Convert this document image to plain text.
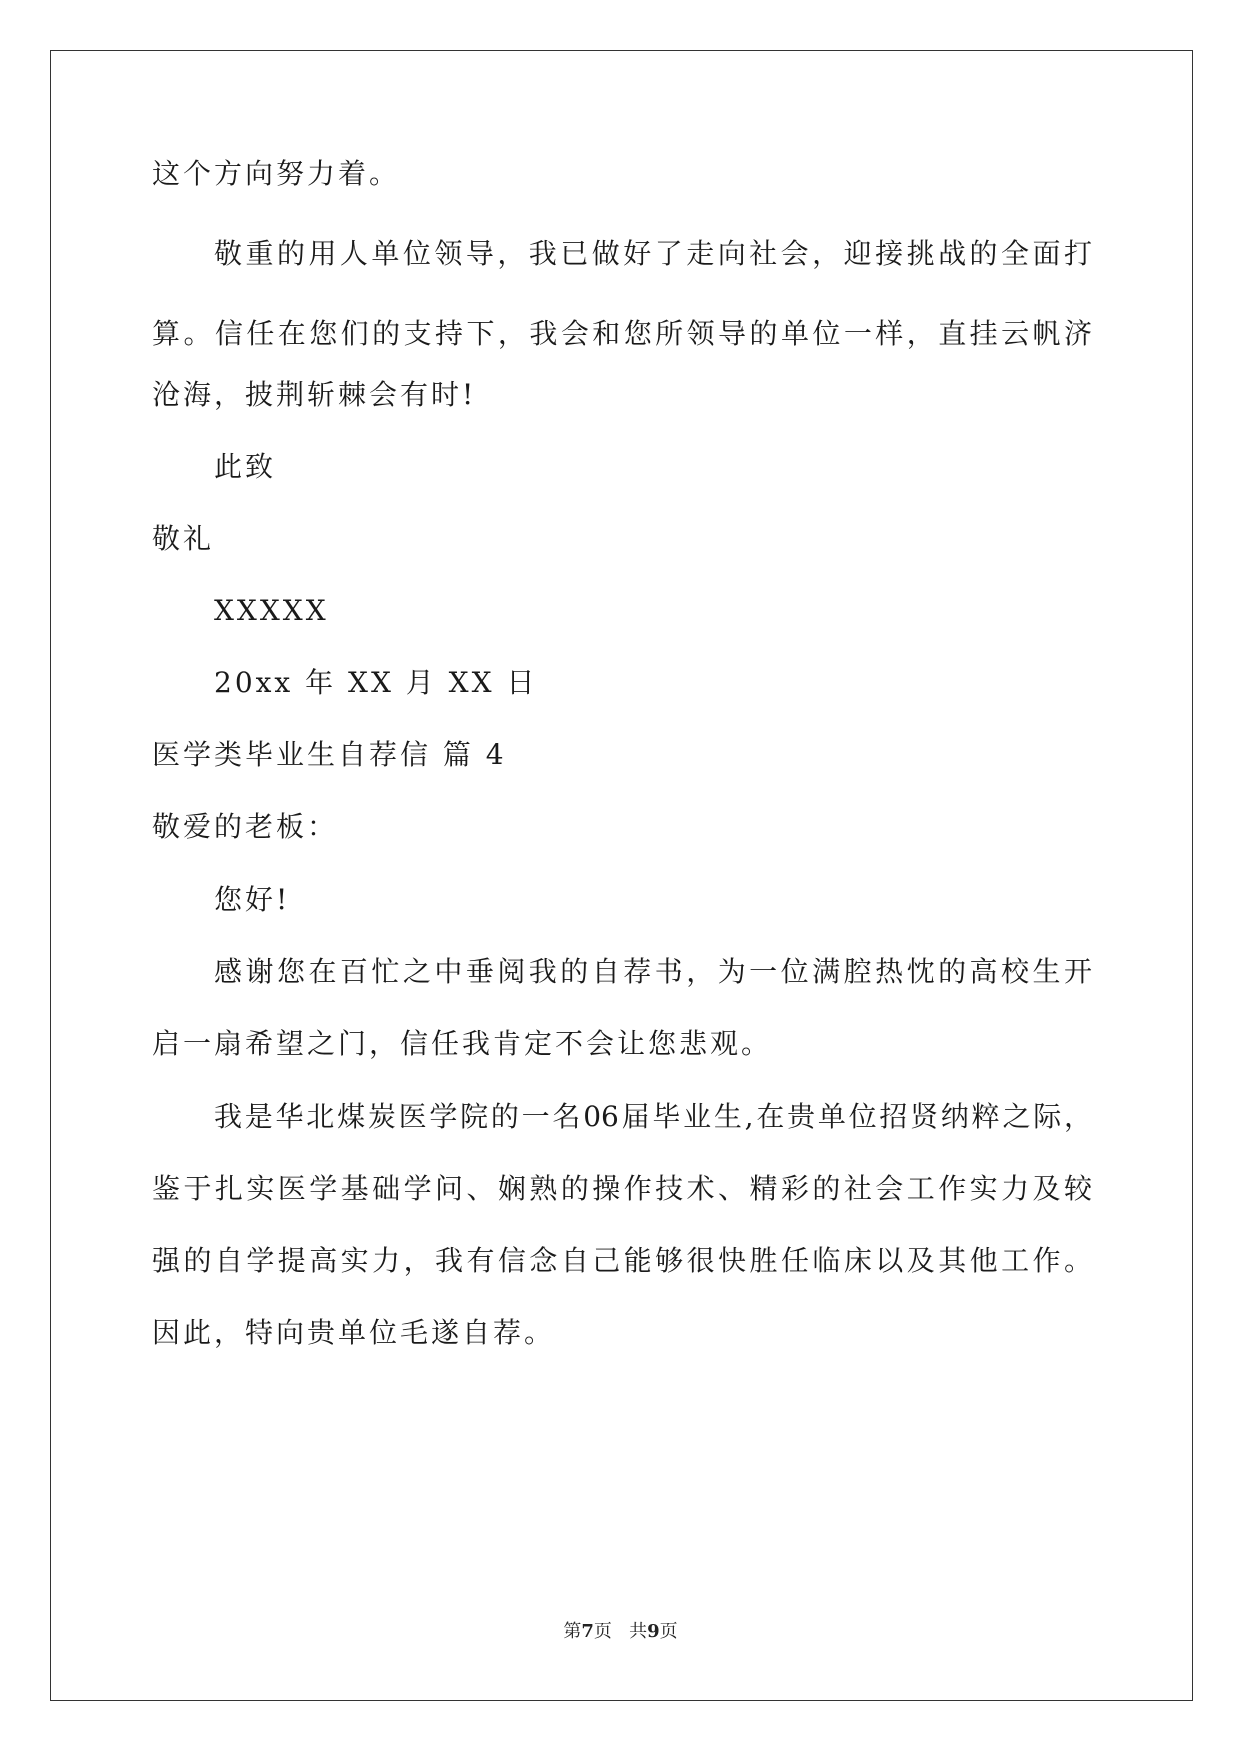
这个方向努力着。
敬重的用人单位领导，我已做好了走向社会，迎接挑战的全面打
算。信任在您们的支持下，我会和您所领导的单位一样，直挂云帆济
沧海，披荆斩棘会有时!
此致
敬礼
XXXXX
20xx 年 XX 月 XX 日
医学类毕业生自荐信 篇 4
敬爱的老板：
您好!
感谢您在百忙之中垂阅我的自荐书，为一位满腔热忱的高校生开
启一扇希望之门，信任我肯定不会让您悲观。
我是华北煤炭医学院的一名06届毕业生,在贵单位招贤纳粹之际，
鉴于扎实医学基础学问、娴熟的操作技术、精彩的社会工作实力及较
强的自学提高实力，我有信念自己能够很快胜任临床以及其他工作。
因此，特向贵单位毛遂自荐。
第7页   共9页
